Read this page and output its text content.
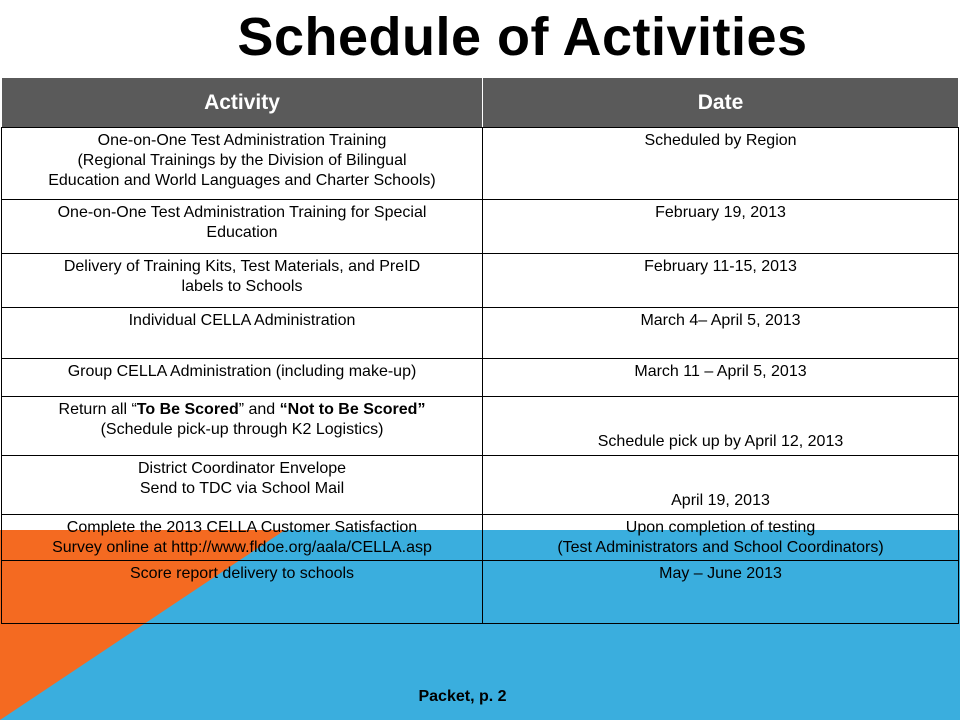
Schedule of Activities
Activity	Date

One-on-One Test Administration Training
(Regional Trainings by the Division of Bilingual
Education and World Languages and Charter Schools)	Scheduled by Region

One-on-One Test Administration Training for Special
Education	February 19, 2013

Delivery of Training Kits, Test Materials, and PreID
labels to Schools	February 11-15, 2013

Individual CELLA Administration	March 4– April 5, 2013

Group CELLA Administration (including make-up)	March 11 – April 5, 2013

Return all “To Be Scored” and “Not to Be Scored”
(Schedule pick-up through K2 Logistics)	Schedule pick up by April 12, 2013

District Coordinator Envelope
Send to TDC via School Mail	April 19, 2013

Complete the 2013 CELLA Customer Satisfaction
Survey online at http://www.fldoe.org/aala/CELLA.asp	Upon completion of testing
(Test Administrators and School Coordinators)

Score report delivery to schools	May – June 2013
Packet, p. 2
